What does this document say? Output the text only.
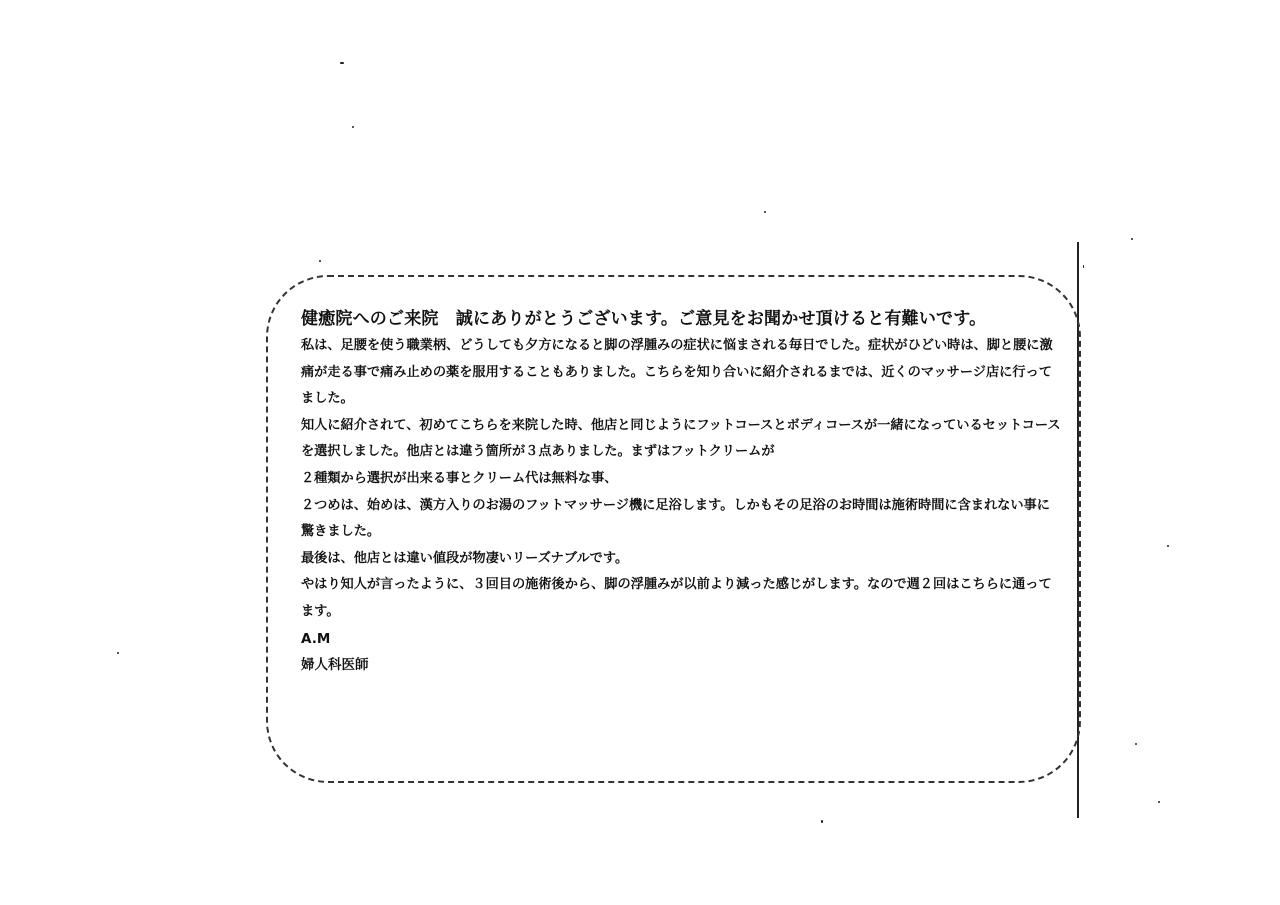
健癒院へのご来院　誠にありがとうございます。ご意見をお聞かせ頂けると有難いです。

私は、足腰を使う職業柄、どうしても夕方になると脚の浮腫みの症状に悩まされる毎日でした。症状がひどい時は、脚と腰に激痛が走る事で痛み止めの薬を服用することもありました。こちらを知り合いに紹介されるまでは、近くのマッサージ店に行ってました。

知人に紹介されて、初めてこちらを来院した時、他店と同じようにフットコースとボディコースが一緒になっているセットコースを選択しました。他店とは違う箇所が３点ありました。まずはフットクリームが

２種類から選択が出来る事とクリーム代は無料な事、

２つめは、始めは、漢方入りのお湯のフットマッサージ機に足浴します。しかもその足浴のお時間は施術時間に含まれない事に驚きました。

最後は、他店とは違い値段が物凄いリーズナブルです。

やはり知人が言ったように、３回目の施術後から、脚の浮腫みが以前より減った感じがします。なので週２回はこちらに通ってます。

A.M
婦人科医師
